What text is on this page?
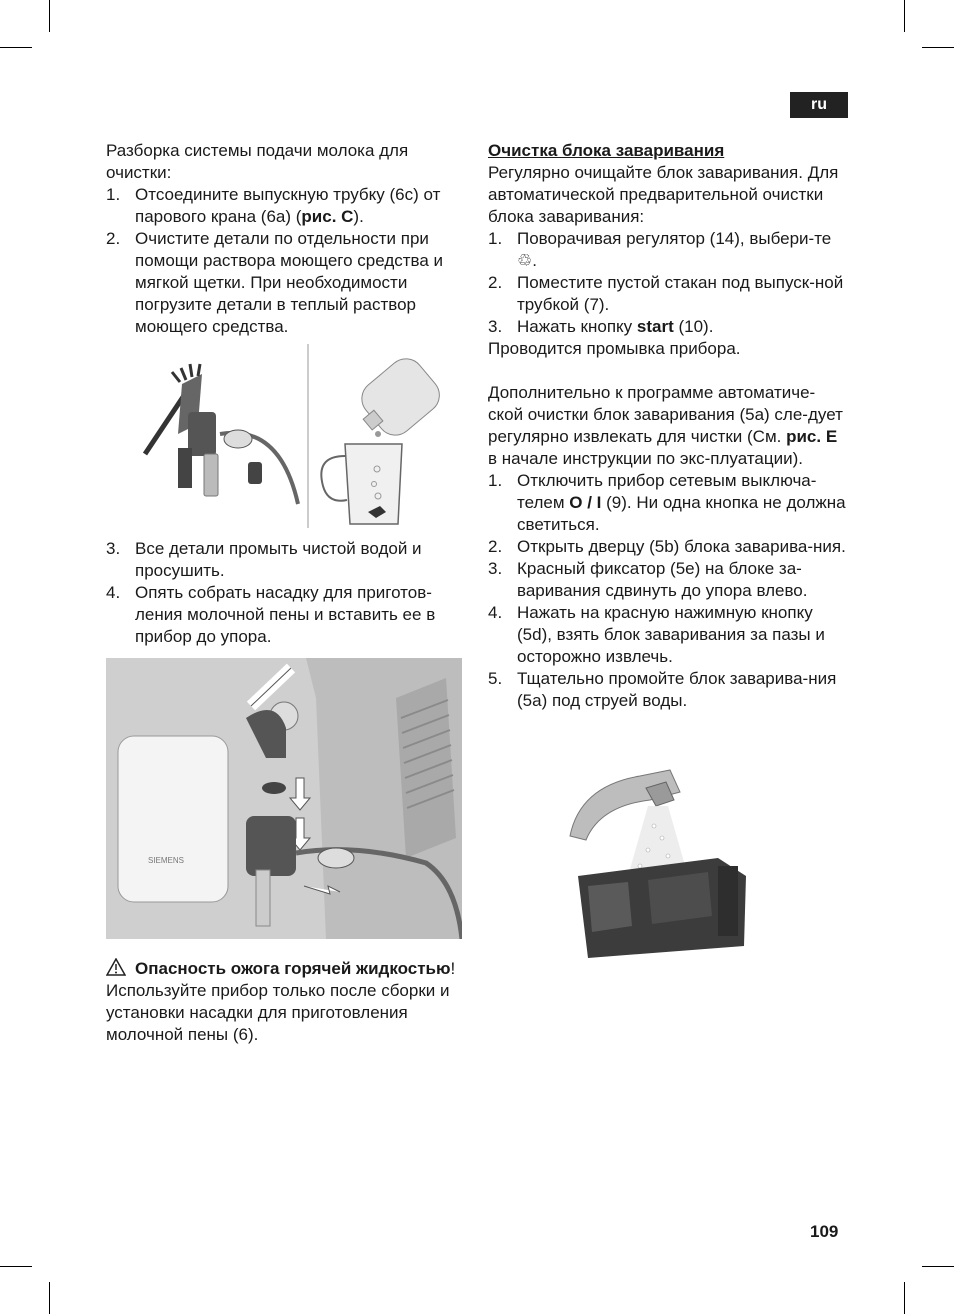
ru

Разборка системы подачи молока для очистки:

1. Отсоедините выпускную трубку (6c) от парового крана (6a) (рис. C).
2. Очистите детали по отдельности при помощи раствора моющего средства и мягкой щетки. При необходимости погрузите детали в теплый раствор моющего средства.
3. Все детали промыть чистой водой и просушить.
4. Опять собрать насадку для приготов-ления молочной пены и вставить ее в прибор до упора.
SIEMENS
Опасность ожога горячей жидкостью!

Используйте прибор только после сборки и установки насадки для приготовления молочной пены (6).

Очистка блока заваривания

Регулярно очищайте блок заваривания. Для автоматической предварительной очистки блока заваривания:

1. Поворачивая регулятор (14), выбери-те ♲.
2. Поместите пустой стакан под выпуск-ной трубкой (7).
3. Нажать кнопку start (10).

Проводится промывка прибора.

Дополнительно к программе автоматиче-ской очистки блок заваривания (5a) сле-дует регулярно извлекать для чистки (См. рис. E в начале инструкции по экс-плуатации).

1. Отключить прибор сетевым выключа-телем O / I (9). Ни одна кнопка не должна светиться.
2. Открыть дверцу (5b) блока заварива-ния.
3. Красный фиксатор (5e) на блоке за-варивания сдвинуть до упора влево.
4. Нажать на красную нажимную кнопку (5d), взять блок заваривания за пазы и осторожно извлечь.
5. Тщательно промойте блок заварива-ния (5a) под струей воды.
109
